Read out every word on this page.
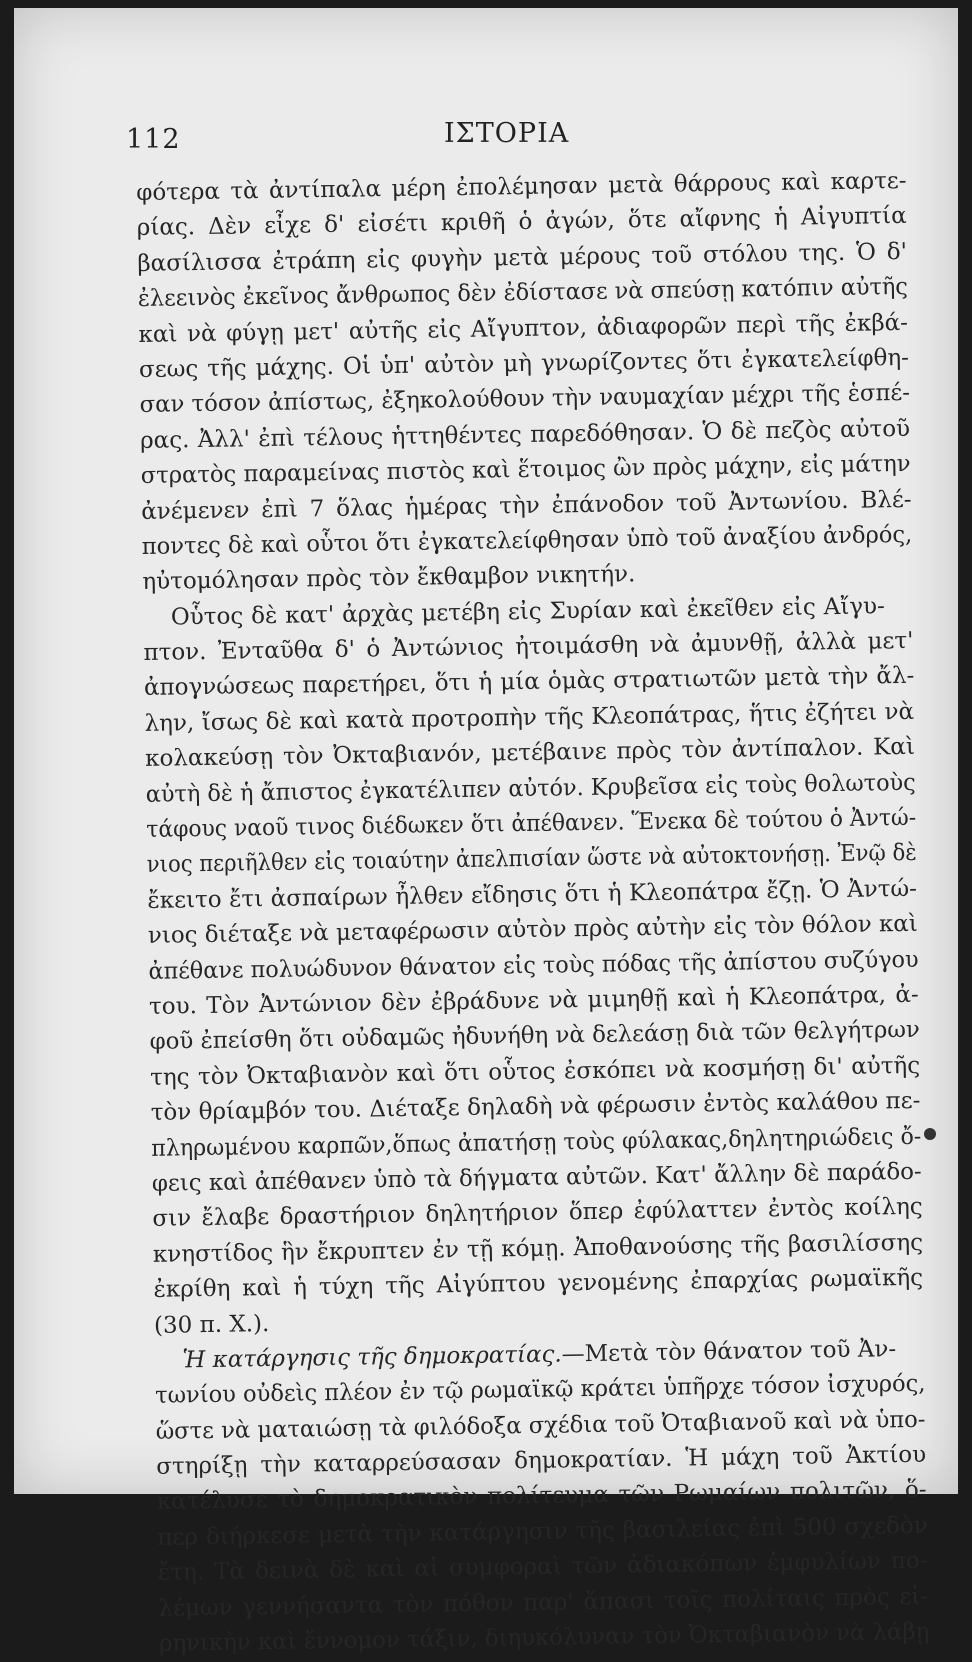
112	ΙΣΤΟΡΙΑ
φότερα τὰ ἀντίπαλα μέρη ἐπολέμησαν μετὰ θάρρους καὶ καρτε-
ρίας. Δὲν εἶχε δ' εἰσέτι κριθῆ ὁ ἀγών, ὅτε αἴφνης ἡ Αἰγυπτία
βασίλισσα ἐτράπη εἰς φυγὴν μετὰ μέρους τοῦ στόλου της. Ὁ δ'
ἐλεεινὸς ἐκεῖνος ἄνθρωπος δὲν ἐδίστασε νὰ σπεύσῃ κατόπιν αὐτῆς
καὶ νὰ φύγῃ μετ' αὐτῆς εἰς Αἴγυπτον, ἀδιαφορῶν περὶ τῆς ἐκβά-
σεως τῆς μάχης. Οἱ ὑπ' αὐτὸν μὴ γνωρίζοντες ὅτι ἐγκατελείφθη-
σαν τόσον ἀπίστως, ἐξηκολούθουν τὴν ναυμαχίαν μέχρι τῆς ἑσπέ-
ρας. Ἀλλ' ἐπὶ τέλους ἡττηθέντες παρεδόθησαν. Ὁ δὲ πεζὸς αὐτοῦ
στρατὸς παραμείνας πιστὸς καὶ ἕτοιμος ὢν πρὸς μάχην, εἰς μάτην
ἀνέμενεν ἐπὶ 7 ὅλας ἡμέρας τὴν ἐπάνοδον τοῦ Ἀντωνίου. Βλέ-
ποντες δὲ καὶ οὗτοι ὅτι ἐγκατελείφθησαν ὑπὸ τοῦ ἀναξίου ἀνδρός,
ηὐτομόλησαν πρὸς τὸν ἔκθαμβον νικητήν.
Οὗτος δὲ κατ' ἀρχὰς μετέβη εἰς Συρίαν καὶ ἐκεῖθεν εἰς Αἴγυ-
πτον. Ἐνταῦθα δ' ὁ Ἀντώνιος ἠτοιμάσθη νὰ ἀμυνθῇ, ἀλλὰ μετ'
ἀπογνώσεως παρετήρει, ὅτι ἡ μία ὁμὰς στρατιωτῶν μετὰ τὴν ἄλ-
λην, ἴσως δὲ καὶ κατὰ προτροπὴν τῆς Κλεοπάτρας, ἥτις ἐζήτει νὰ
κολακεύσῃ τὸν Ὀκταβιανόν, μετέβαινε πρὸς τὸν ἀντίπαλον. Καὶ
αὐτὴ δὲ ἡ ἄπιστος ἐγκατέλιπεν αὐτόν. Κρυβεῖσα εἰς τοὺς θολωτοὺς
τάφους ναοῦ τινος διέδωκεν ὅτι ἀπέθανεν. Ἕνεκα δὲ τούτου ὁ Ἀντώ-
νιος περιῆλθεν εἰς τοιαύτην ἀπελπισίαν ὥστε νὰ αὐτοκτονήσῃ. Ἐνῷ δὲ
ἔκειτο ἔτι ἀσπαίρων ἦλθεν εἴδησις ὅτι ἡ Κλεοπάτρα ἔζῃ. Ὁ Ἀντώ-
νιος διέταξε νὰ μεταφέρωσιν αὐτὸν πρὸς αὐτὴν εἰς τὸν θόλον καὶ
ἀπέθανε πολυώδυνον θάνατον εἰς τοὺς πόδας τῆς ἀπίστου συζύγου
του. Τὸν Ἀντώνιον δὲν ἐβράδυνε νὰ μιμηθῇ καὶ ἡ Κλεοπάτρα, ἀ-
φοῦ ἐπείσθη ὅτι οὐδαμῶς ἠδυνήθη νὰ δελεάσῃ διὰ τῶν θελγήτρων
της τὸν Ὀκταβιανὸν καὶ ὅτι οὗτος ἐσκόπει νὰ κοσμήσῃ δι' αὐτῆς
τὸν θρίαμβόν του. Διέταξε δηλαδὴ νὰ φέρωσιν ἐντὸς καλάθου πε-
πληρωμένου καρπῶν,ὅπως ἀπατήσῃ τοὺς φύλακας,δηλητηριώδεις ὄ-
φεις καὶ ἀπέθανεν ὑπὸ τὰ δήγματα αὐτῶν. Κατ' ἄλλην δὲ παράδο-
σιν ἔλαβε δραστήριον δηλητήριον ὅπερ ἐφύλαττεν ἐντὸς κοίλης
κνηστίδος ἣν ἔκρυπτεν ἐν τῇ κόμῃ. Ἀποθανούσης τῆς βασιλίσσης
ἐκρίθη καὶ ἡ τύχη τῆς Αἰγύπτου γενομένης ἐπαρχίας ρωμαϊκῆς
(30 π. Χ.).
Ἡ κατάργησις τῆς δημοκρατίας.—Μετὰ τὸν θάνατον τοῦ Ἀν-
τωνίου οὐδεὶς πλέον ἐν τῷ ρωμαϊκῷ κράτει ὑπῆρχε τόσον ἰσχυρός,
ὥστε νὰ ματαιώσῃ τὰ φιλόδοξα σχέδια τοῦ Ὀταβιανοῦ καὶ νὰ ὑπο-
στηρίξῃ τὴν καταρρεύσασαν δημοκρατίαν. Ἡ μάχη τοῦ Ἀκτίου
κατέλυσε τὸ δημοκρατικὸν πολίτευμα τῶν Ρωμαίων πολιτῶν, ὅ-
περ διήρκεσε μετὰ τὴν κατάργησιν τῆς βασιλείας ἐπὶ 500 σχεδὸν
ἔτη. Τὰ δεινὰ δὲ καὶ αἱ συμφοραὶ τῶν ἀδιακόπων ἐμφυλίων πο-
λέμων γεννήσαντα τὸν πόθον παρ' ἅπασι τοῖς πολίταις πρὸς εἰ-
ρηνικὴν καὶ ἔννομον τάξιν, διηυκόλυναν τὸν Ὀκταβιανὸν νὰ λάβῃ
